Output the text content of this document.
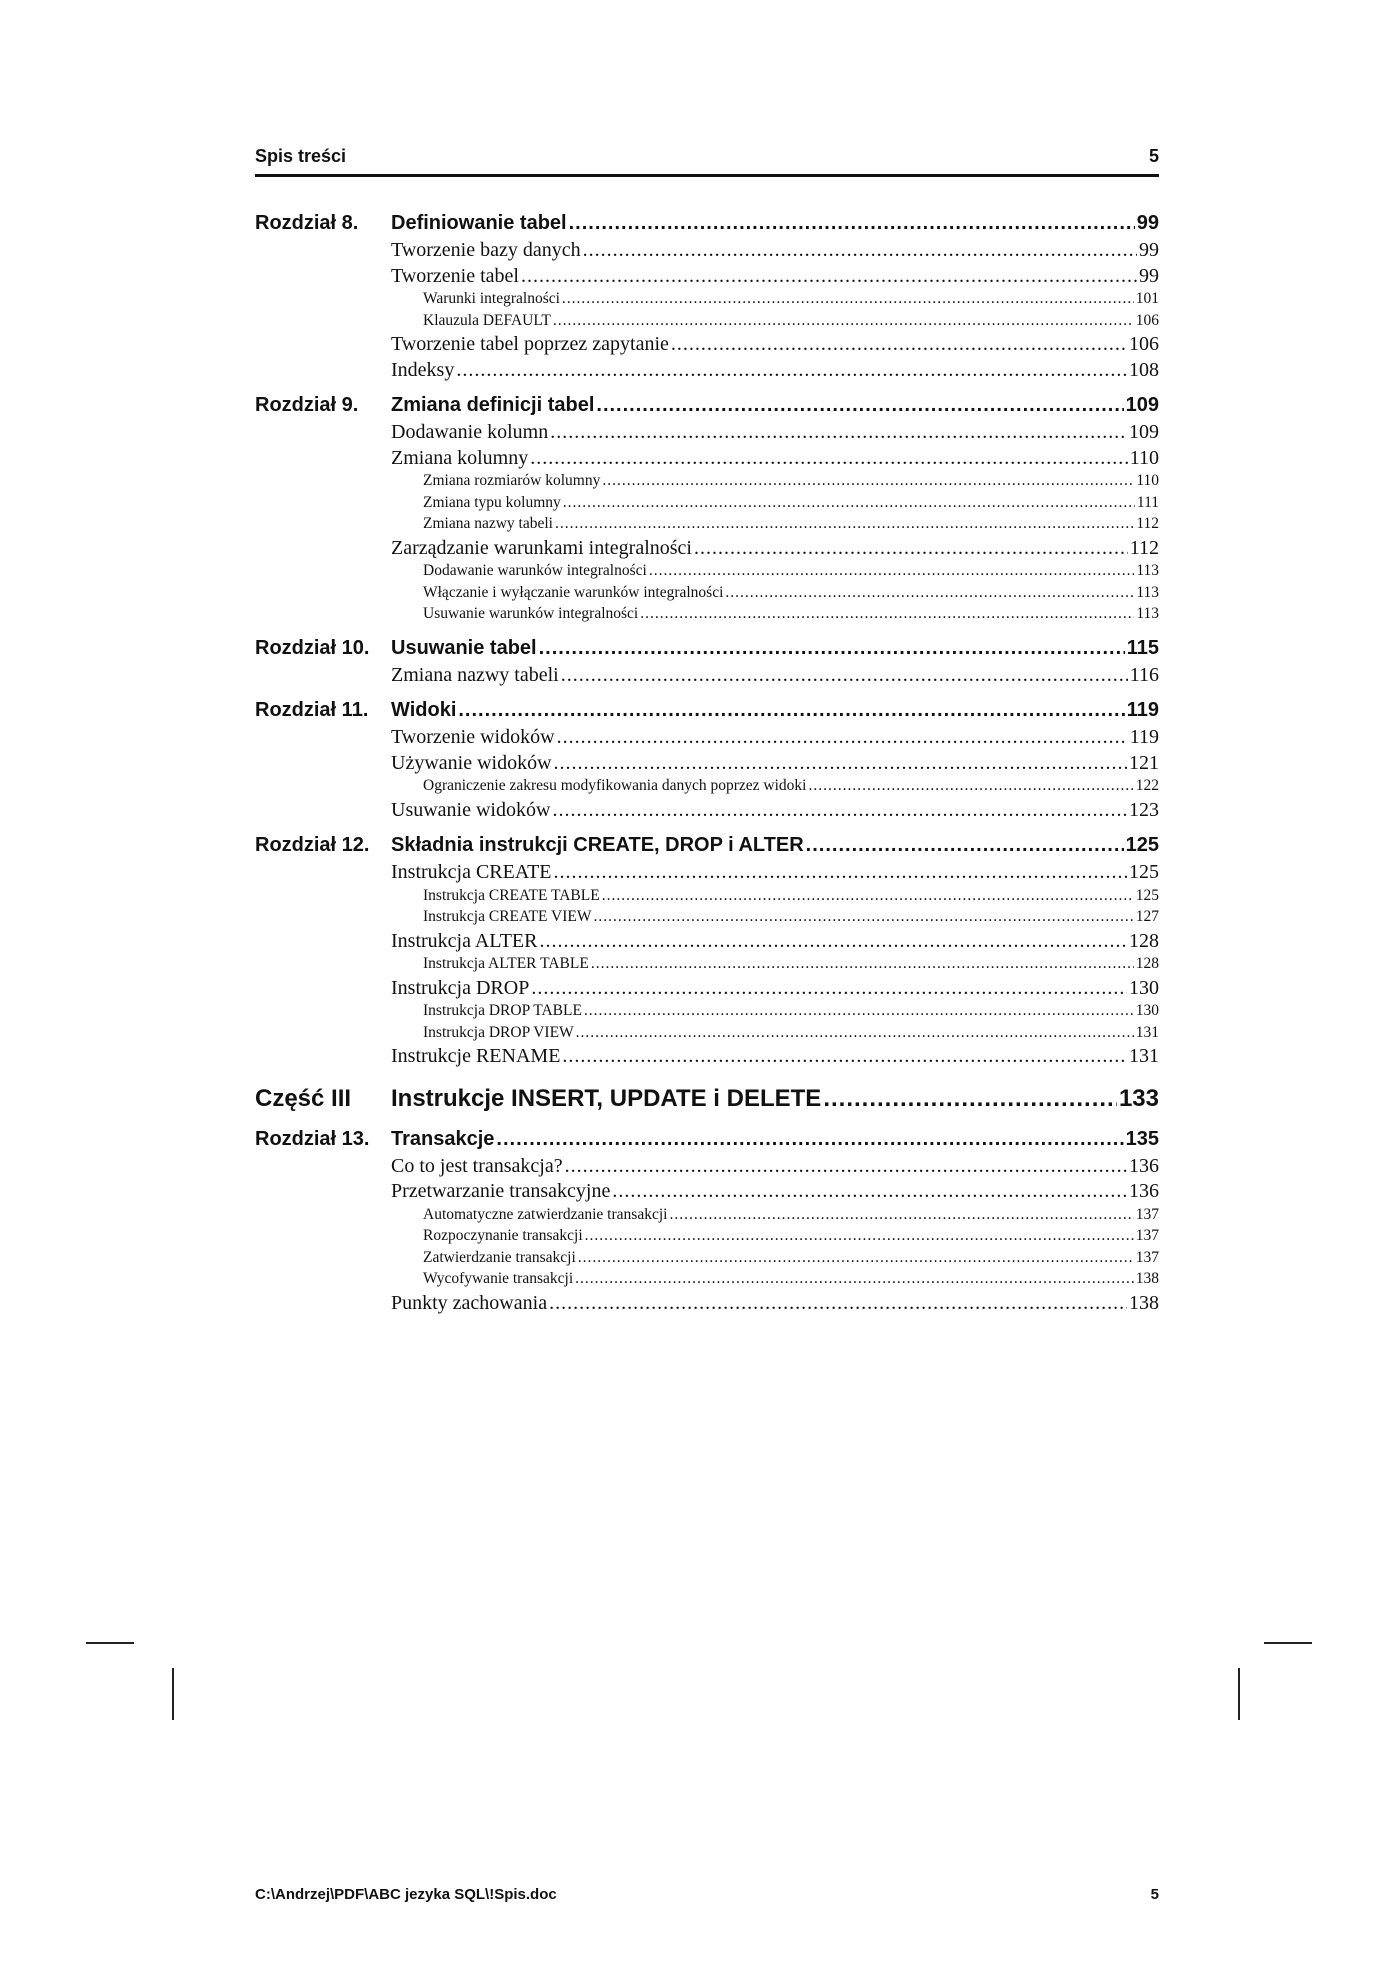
Spis treści	5
Rozdział 8.	Definiowanie tabel .....	99
Tworzenie bazy danych .....	99
Tworzenie tabel .....	99
Warunki integralności .....	101
Klauzula DEFAULT .....	106
Tworzenie tabel poprzez zapytanie .....	106
Indeksy .....	108
Rozdział 9.	Zmiana definicji tabel .....	109
Dodawanie kolumn .....	109
Zmiana kolumny .....	110
Zmiana rozmiarów kolumny .....	110
Zmiana typu kolumny .....	111
Zmiana nazwy tabeli .....	112
Zarządzanie warunkami integralności .....	112
Dodawanie warunków integralności .....	113
Włączanie i wyłączanie warunków integralności .....	113
Usuwanie warunków integralności .....	113
Rozdział 10.	Usuwanie tabel .....	115
Zmiana nazwy tabeli .....	116
Rozdział 11.	Widoki .....	119
Tworzenie widoków .....	119
Używanie widoków .....	121
Ograniczenie zakresu modyfikowania danych poprzez widoki .....	122
Usuwanie widoków .....	123
Rozdział 12.	Składnia instrukcji CREATE, DROP i ALTER .....	125
Instrukcja CREATE .....	125
Instrukcja CREATE TABLE .....	125
Instrukcja CREATE VIEW .....	127
Instrukcja ALTER .....	128
Instrukcja ALTER TABLE .....	128
Instrukcja DROP .....	130
Instrukcja DROP TABLE .....	130
Instrukcja DROP VIEW .....	131
Instrukcje RENAME .....	131
Część III	Instrukcje INSERT, UPDATE i DELETE .....	133
Rozdział 13.	Transakcje .....	135
Co to jest transakcja? .....	136
Przetwarzanie transakcyjne .....	136
Automatyczne zatwierdzanie transakcji .....	137
Rozpoczynanie transakcji .....	137
Zatwierdzanie transakcji .....	137
Wycofywanie transakcji .....	138
Punkty zachowania .....	138
C:\Andrzej\PDF\ABC jezyka SQL\!Spis.doc	5
